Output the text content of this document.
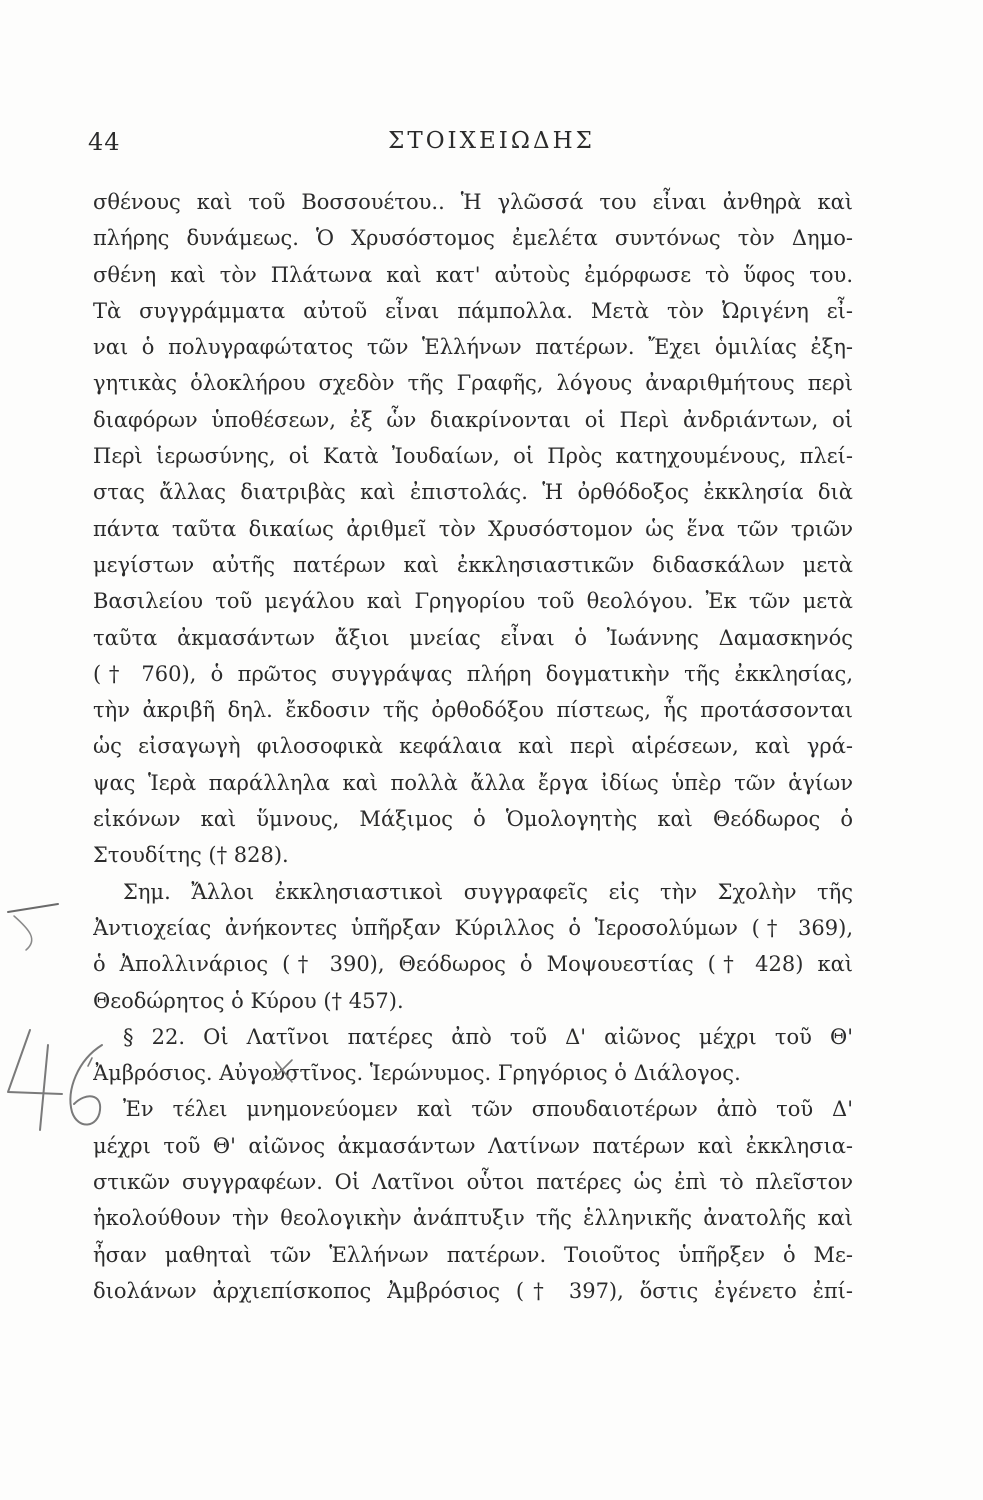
44	ΣΤΟΙΧΕΙΩΔΗΣ
σθένους καὶ τοῦ Βοσσουέτου.. Ἡ γλῶσσά του εἶναι ἀνθηρὰ καὶ
πλήρης δυνάμεως. Ὁ Χρυσόστομος ἐμελέτα συντόνως τὸν Δημο-
σθένη καὶ τὸν Πλάτωνα καὶ κατ' αὐτοὺς ἐμόρφωσε τὸ ὕφος του.
Τὰ συγγράμματα αὐτοῦ εἶναι πάμπολλα. Μετὰ τὸν Ὠριγένη εἶ-
ναι ὁ πολυγραφώτατος τῶν Ἑλλήνων πατέρων. Ἔχει ὁμιλίας ἐξη-
γητικὰς ὁλοκλήρου σχεδὸν τῆς Γραφῆς, λόγους ἀναριθμήτους περὶ
διαφόρων ὑποθέσεων, ἐξ ὧν διακρίνονται οἱ Περὶ ἀνδριάντων, οἱ
Περὶ ἱερωσύνης, οἱ Κατὰ Ἰουδαίων, οἱ Πρὸς κατηχουμένους, πλεί-
στας ἄλλας διατριβὰς καὶ ἐπιστολάς. Ἡ ὀρθόδοξος ἐκκλησία διὰ
πάντα ταῦτα δικαίως ἀριθμεῖ τὸν Χρυσόστομον ὡς ἕνα τῶν τριῶν
μεγίστων αὐτῆς πατέρων καὶ ἐκκλησιαστικῶν διδασκάλων μετὰ
Βασιλείου τοῦ μεγάλου καὶ Γρηγορίου τοῦ θεολόγου. Ἐκ τῶν μετὰ
ταῦτα ἀκμασάντων ἄξιοι μνείας εἶναι ὁ Ἰωάννης Δαμασκηνός
(† 760), ὁ πρῶτος συγγράψας πλήρη δογματικὴν τῆς ἐκκλησίας,
τὴν ἀκριβῆ δηλ. ἔκδοσιν τῆς ὀρθοδόξου πίστεως, ἧς προτάσσονται
ὡς εἰσαγωγὴ φιλοσοφικὰ κεφάλαια καὶ περὶ αἱρέσεων, καὶ γρά-
ψας Ἱερὰ παράλληλα καὶ πολλὰ ἄλλα ἔργα ἰδίως ὑπὲρ τῶν ἁγίων
εἰκόνων καὶ ὕμνους, Μάξιμος ὁ Ὁμολογητὴς καὶ Θεόδωρος ὁ
Στουδίτης († 828).
Σημ. Ἄλλοι ἐκκλησιαστικοὶ συγγραφεῖς εἰς τὴν Σχολὴν τῆς
Ἀντιοχείας ἀνήκοντες ὑπῆρξαν Κύριλλος ὁ Ἱεροσολύμων († 369),
ὁ Ἀπολλινάριος († 390), Θεόδωρος ὁ Μοψουεστίας († 428) καὶ
Θεοδώρητος ὁ Κύρου († 457).
§ 22. Οἱ Λατῖνοι πατέρες ἀπὸ τοῦ Δ' αἰῶνος μέχρι τοῦ Θ'
Ἀμβρόσιος. Αὐγουστῖνος. Ἱερώνυμος. Γρηγόριος ὁ Διάλογος.
Ἐν τέλει μνημονεύομεν καὶ τῶν σπουδαιοτέρων ἀπὸ τοῦ Δ'
μέχρι τοῦ Θ' αἰῶνος ἀκμασάντων Λατίνων πατέρων καὶ ἐκκλησια-
στικῶν συγγραφέων. Οἱ Λατῖνοι οὗτοι πατέρες ὡς ἐπὶ τὸ πλεῖστον
ἠκολούθουν τὴν θεολογικὴν ἀνάπτυξιν τῆς ἑλληνικῆς ἀνατολῆς καὶ
ἦσαν μαθηταὶ τῶν Ἑλλήνων πατέρων. Τοιοῦτος ὑπῆρξεν ὁ Με-
διολάνων ἀρχιεπίσκοπος Ἀμβρόσιος († 397), ὅστις ἐγένετο ἐπί-
